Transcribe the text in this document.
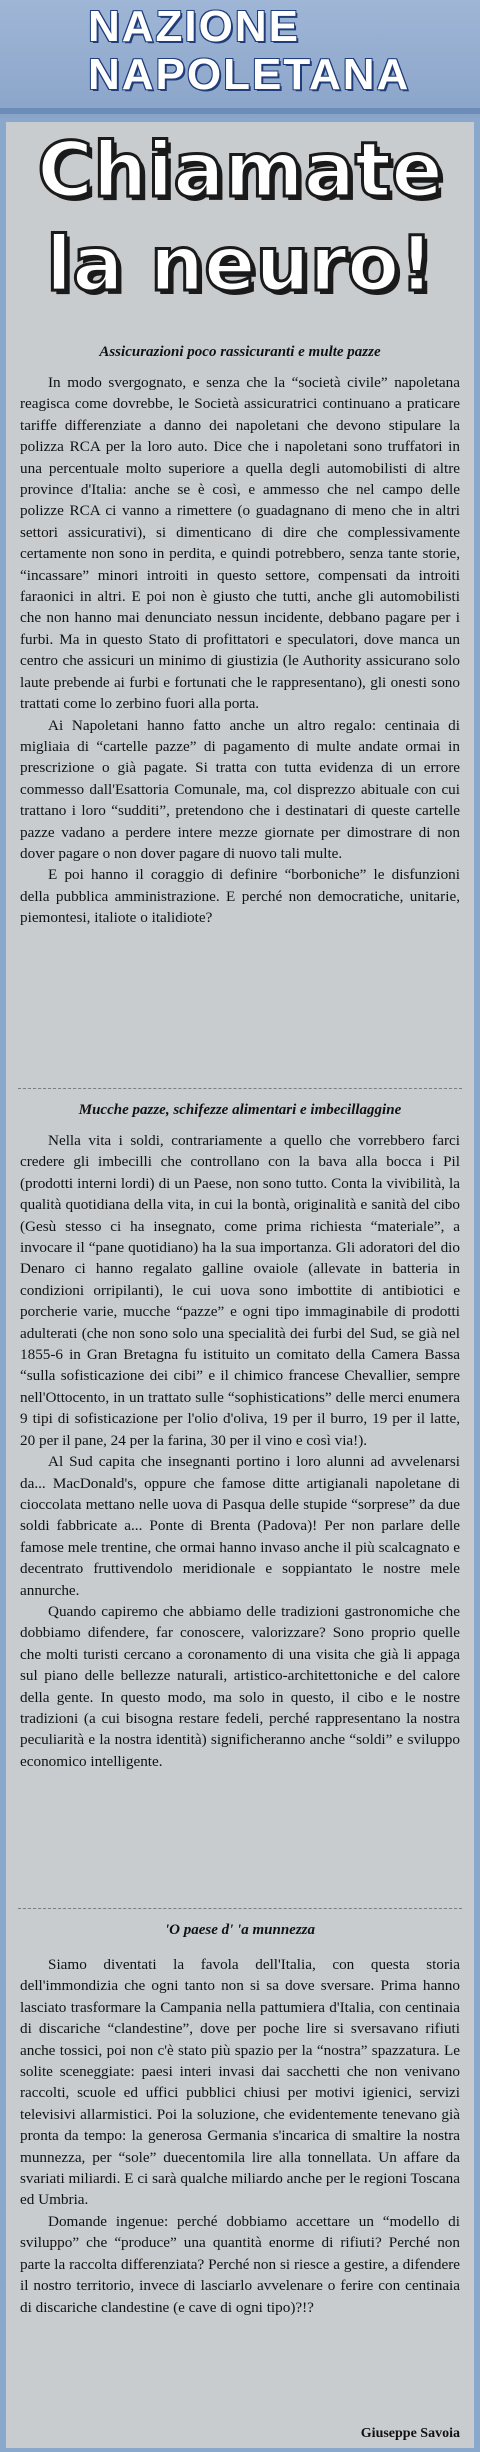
NAZIONE
NAPOLETANA
Chiamate
la neuro!
Assicurazioni poco rassicuranti e multe pazze

In modo svergognato, e senza che la “società civile” napoletana reagisca come dovrebbe, le Società assicuratrici continuano a praticare tariffe differenziate a danno dei napoletani che devono stipulare la polizza RCA per la loro auto. Dice che i napoletani sono truffatori in una percentuale molto superiore a quella degli automobilisti di altre province d'Italia: anche se è così, e ammesso che nel campo delle polizze RCA ci vanno a rimettere (o guadagnano di meno che in altri settori assicurativi), si dimenticano di dire che complessivamente certamente non sono in perdita, e quindi potrebbero, senza tante storie, “incassare” minori introiti in questo settore, compensati da introiti faraonici in altri. E poi non è giusto che tutti, anche gli automobilisti che non hanno mai denunciato nessun incidente, debbano pagare per i furbi. Ma in questo Stato di profittatori e speculatori, dove manca un centro che assicuri un minimo di giustizia (le Authority assicurano solo laute prebende ai furbi e fortunati che le rappresentano), gli onesti sono trattati come lo zerbino fuori alla porta.

Ai Napoletani hanno fatto anche un altro regalo: centinaia di migliaia di “cartelle pazze” di pagamento di multe andate ormai in prescrizione o già pagate. Si tratta con tutta evidenza di un errore commesso dall'Esattoria Comunale, ma, col disprezzo abituale con cui trattano i loro “sudditi”, pretendono che i destinatari di queste cartelle pazze vadano a perdere intere mezze giornate per dimostrare di non dover pagare o non dover pagare di nuovo tali multe.

E poi hanno il coraggio di definire “borboniche” le disfunzioni della pubblica amministrazione. E perché non democratiche, unitarie, piemontesi, italiote o italidiote?

Mucche pazze, schifezze alimentari e imbecillaggine

Nella vita i soldi, contrariamente a quello che vorrebbero farci credere gli imbecilli che controllano con la bava alla bocca i Pil (prodotti interni lordi) di un Paese, non sono tutto. Conta la vivibilità, la qualità quotidiana della vita, in cui la bontà, originalità e sanità del cibo (Gesù stesso ci ha insegnato, come prima richiesta “materiale”, a invocare il “pane quotidiano) ha la sua importanza. Gli adoratori del dio Denaro ci hanno regalato galline ovaiole (allevate in batteria in condizioni orripilanti), le cui uova sono imbottite di antibiotici e porcherie varie, mucche “pazze” e ogni tipo immaginabile di prodotti adulterati (che non sono solo una specialità dei furbi del Sud, se già nel 1855-6 in Gran Bretagna fu istituito un comitato della Camera Bassa “sulla sofisticazione dei cibi” e il chimico francese Chevallier, sempre nell'Ottocento, in un trattato sulle “sophistications” delle merci enumera 9 tipi di sofisticazione per l'olio d'oliva, 19 per il burro, 19 per il latte, 20 per il pane, 24 per la farina, 30 per il vino e così via!).

Al Sud capita che insegnanti portino i loro alunni ad avvelenarsi da... MacDonald's, oppure che famose ditte artigianali napoletane di cioccolata mettano nelle uova di Pasqua delle stupide “sorprese” da due soldi fabbricate a... Ponte di Brenta (Padova)! Per non parlare delle famose mele trentine, che ormai hanno invaso anche il più scalcagnato e decentrato fruttivendolo meridionale e soppiantato le nostre mele annurche.

Quando capiremo che abbiamo delle tradizioni gastronomiche che dobbiamo difendere, far conoscere, valorizzare? Sono proprio quelle che molti turisti cercano a coronamento di una visita che già li appaga sul piano delle bellezze naturali, artistico-architettoniche e del calore della gente. In questo modo, ma solo in questo, il cibo e le nostre tradizioni (a cui bisogna restare fedeli, perché rappresentano la nostra peculiarità e la nostra identità) significheranno anche “soldi” e sviluppo economico intelligente.

'O paese d' 'a munnezza

Siamo diventati la favola dell'Italia, con questa storia dell'immondizia che ogni tanto non si sa dove sversare. Prima hanno lasciato trasformare la Campania nella pattumiera d'Italia, con centinaia di discariche “clandestine”, dove per poche lire si sversavano rifiuti anche tossici, poi non c'è stato più spazio per la “nostra” spazzatura. Le solite sceneggiate: paesi interi invasi dai sacchetti che non venivano raccolti, scuole ed uffici pubblici chiusi per motivi igienici, servizi televisivi allarmistici. Poi la soluzione, che evidentemente tenevano già pronta da tempo: la generosa Germania s'incarica di smaltire la nostra munnezza, per “sole” duecentomila lire alla tonnellata. Un affare da svariati miliardi. E ci sarà qualche miliardo anche per le regioni Toscana ed Umbria.

Domande ingenue: perché dobbiamo accettare un “modello di sviluppo” che “produce” una quantità enorme di rifiuti? Perché non parte la raccolta differenziata? Perché non si riesce a gestire, a difendere il nostro territorio, invece di lasciarlo avvelenare o ferire con centinaia di discariche clandestine (e cave di ogni tipo)?!?

Giuseppe Savoia
